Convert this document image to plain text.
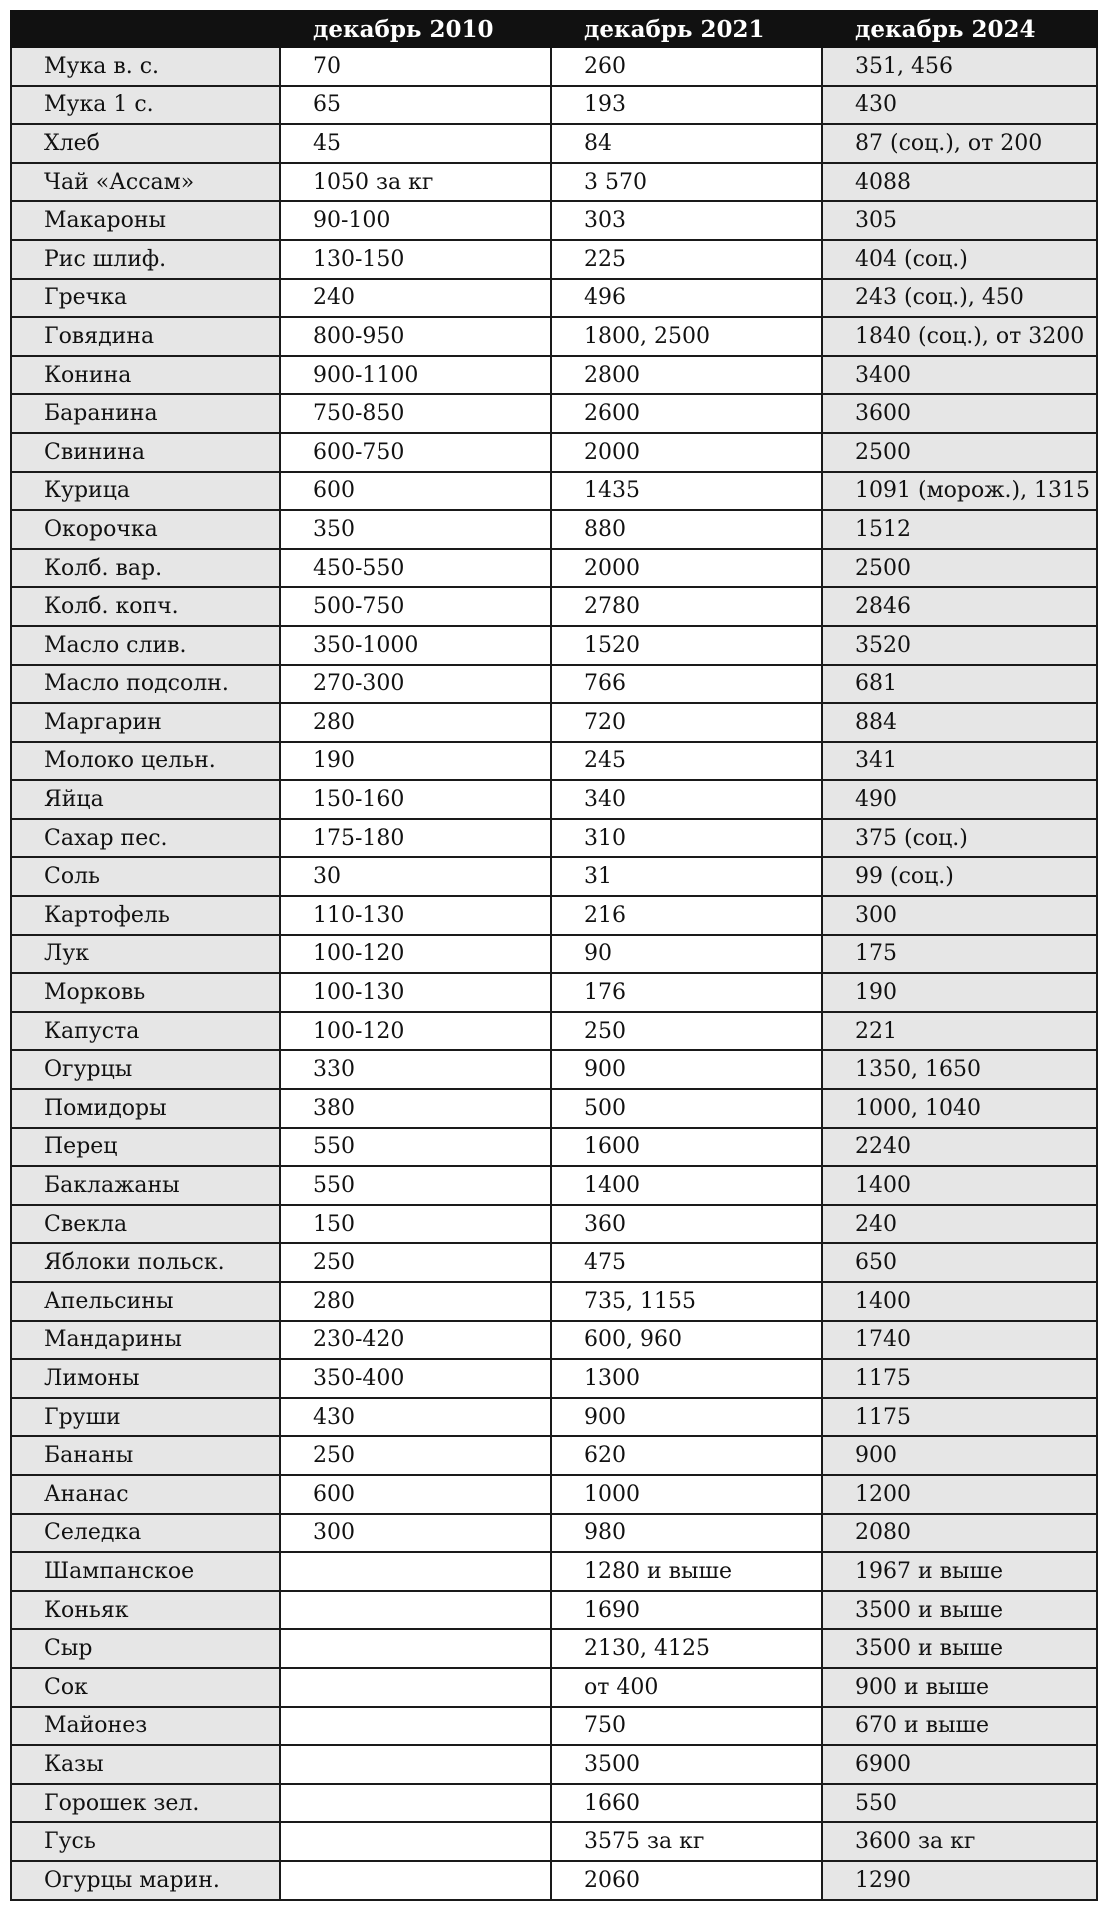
	декабрь 2010	декабрь 2021	декабрь 2024
Мука в. с.	70	260	351, 456
Мука 1 с.	65	193	430
Хлеб	45	84	87 (соц.), от 200
Чай «Ассам»	1050 за кг	3 570	4088
Макароны	90-100	303	305
Рис шлиф.	130-150	225	404 (соц.)
Гречка	240	496	243 (соц.), 450
Говядина	800-950	1800, 2500	1840 (соц.), от 3200
Конина	900-1100	2800	3400
Баранина	750-850	2600	3600
Свинина	600-750	2000	2500
Курица	600	1435	1091 (морож.), 1315
Окорочка	350	880	1512
Колб. вар.	450-550	2000	2500
Колб. копч.	500-750	2780	2846
Масло слив.	350-1000	1520	3520
Масло подсолн.	270-300	766	681
Маргарин	280	720	884
Молоко цельн.	190	245	341
Яйца	150-160	340	490
Сахар пес.	175-180	310	375 (соц.)
Соль	30	31	99 (соц.)
Картофель	110-130	216	300
Лук	100-120	90	175
Морковь	100-130	176	190
Капуста	100-120	250	221
Огурцы	330	900	1350, 1650
Помидоры	380	500	1000, 1040
Перец	550	1600	2240
Баклажаны	550	1400	1400
Свекла	150	360	240
Яблоки польск.	250	475	650
Апельсины	280	735, 1155	1400
Мандарины	230-420	600, 960	1740
Лимоны	350-400	1300	1175
Груши	430	900	1175
Бананы	250	620	900
Ананас	600	1000	1200
Селедка	300	980	2080
Шампанское		1280 и выше	1967 и выше
Коньяк		1690	3500 и выше
Сыр		2130, 4125	3500 и выше
Сок		от 400	900 и выше
Майонез		750	670 и выше
Казы		3500	6900
Горошек зел.		1660	550
Гусь		3575 за кг	3600 за кг
Огурцы марин.		2060	1290
